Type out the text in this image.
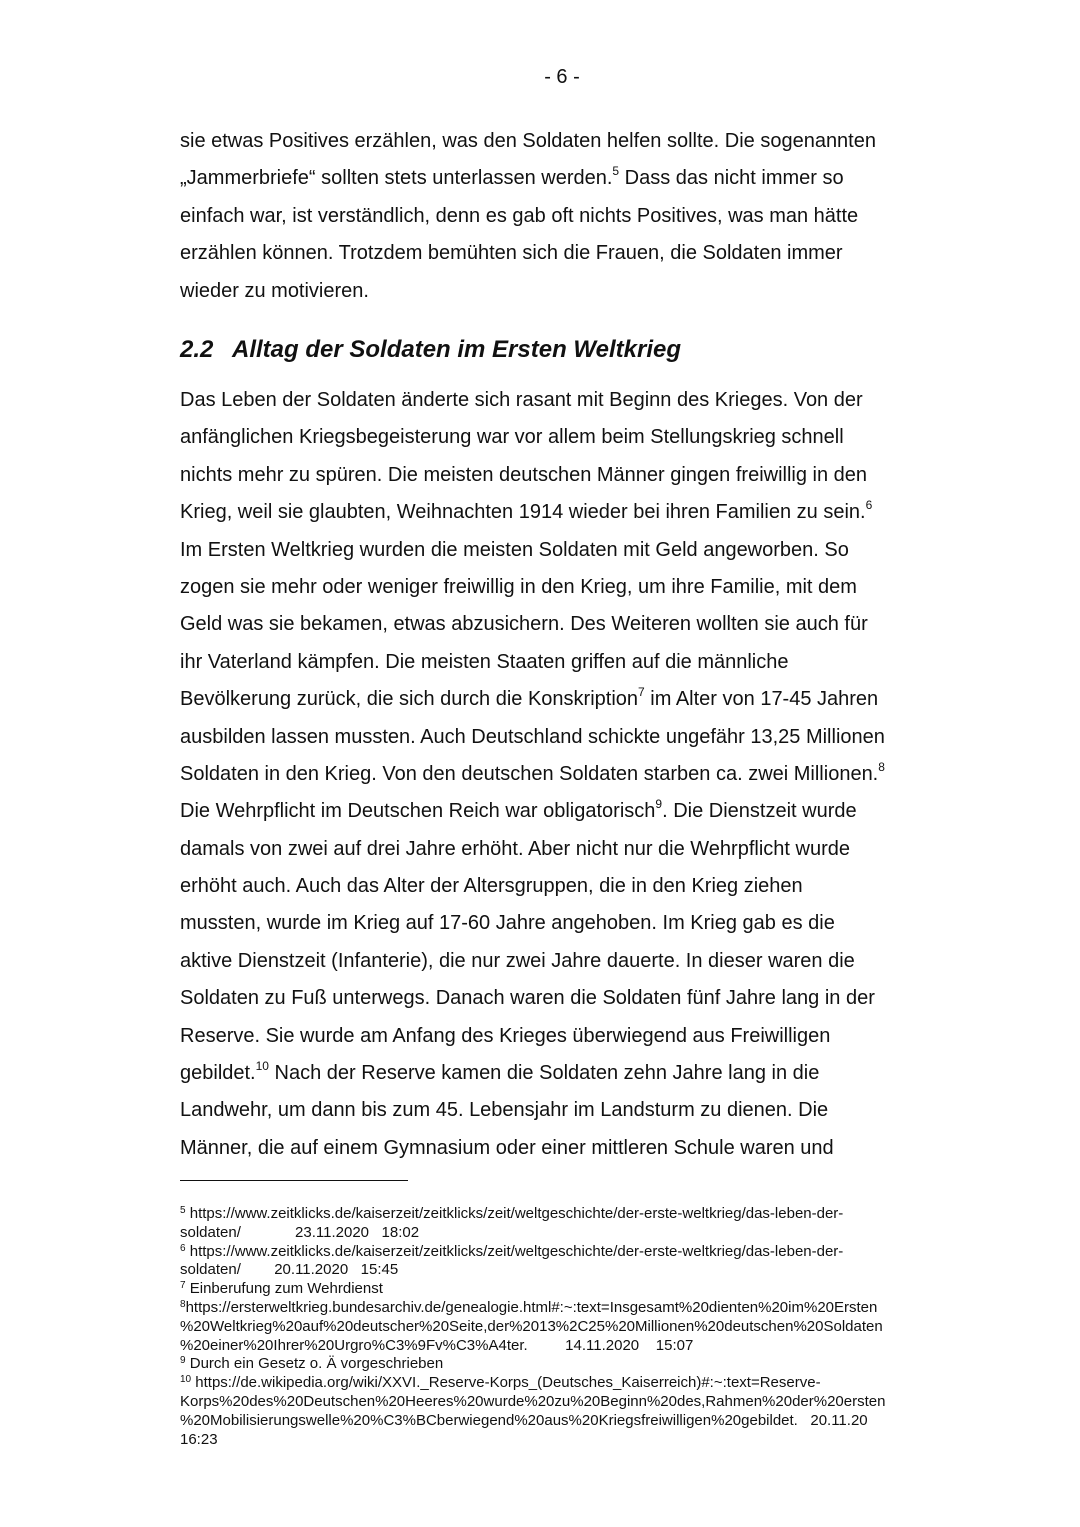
- 6 -
sie etwas Positives erzählen, was den Soldaten helfen sollte. Die sogenannten
„Jammerbriefe“ sollten stets unterlassen werden.$^5$ Dass das nicht immer so
einfach war, ist verständlich, denn es gab oft nichts Positives, was man hätte
erzählen können. Trotzdem bemühten sich die Frauen, die Soldaten immer
wieder zu motivieren.
2.2 Alltag der Soldaten im Ersten Weltkrieg
Das Leben der Soldaten änderte sich rasant mit Beginn des Krieges. Von der
anfänglichen Kriegsbegeisterung war vor allem beim Stellungskrieg schnell
nichts mehr zu spüren. Die meisten deutschen Männer gingen freiwillig in den
Krieg, weil sie glaubten, Weihnachten 1914 wieder bei ihren Familien zu sein.$^6$
Im Ersten Weltkrieg wurden die meisten Soldaten mit Geld angeworben. So
zogen sie mehr oder weniger freiwillig in den Krieg, um ihre Familie, mit dem
Geld was sie bekamen, etwas abzusichern. Des Weiteren wollten sie auch für
ihr Vaterland kämpfen. Die meisten Staaten griffen auf die männliche
Bevölkerung zurück, die sich durch die Konskription$^7$ im Alter von 17-45 Jahren
ausbilden lassen mussten. Auch Deutschland schickte ungefähr 13,25 Millionen
Soldaten in den Krieg. Von den deutschen Soldaten starben ca. zwei Millionen.$^8$
Die Wehrpflicht im Deutschen Reich war obligatorisch$^9$. Die Dienstzeit wurde
damals von zwei auf drei Jahre erhöht. Aber nicht nur die Wehrpflicht wurde
erhöht auch. Auch das Alter der Altersgruppen, die in den Krieg ziehen
mussten, wurde im Krieg auf 17-60 Jahre angehoben. Im Krieg gab es die
aktive Dienstzeit (Infanterie), die nur zwei Jahre dauerte. In dieser waren die
Soldaten zu Fuß unterwegs. Danach waren die Soldaten fünf Jahre lang in der
Reserve. Sie wurde am Anfang des Krieges überwiegend aus Freiwilligen
gebildet.$^{10}$ Nach der Reserve kamen die Soldaten zehn Jahre lang in die
Landwehr, um dann bis zum 45. Lebensjahr im Landsturm zu dienen. Die
Männer, die auf einem Gymnasium oder einer mittleren Schule waren und
$^5$ https://www.zeitklicks.de/kaiserzeit/zeitklicks/zeit/weltgeschichte/der-erste-weltkrieg/das-leben-der-
soldaten/             23.11.2020   18:02
$^6$ https://www.zeitklicks.de/kaiserzeit/zeitklicks/zeit/weltgeschichte/der-erste-weltkrieg/das-leben-der-
soldaten/        20.11.2020   15:45
$^7$ Einberufung zum Wehrdienst
$^8$https://ersterweltkrieg.bundesarchiv.de/genealogie.html#:~:text=Insgesamt%20dienten%20im%20Ersten
%20Weltkrieg%20auf%20deutscher%20Seite,der%2013%2C25%20Millionen%20deutschen%20Soldaten
%20einer%20Ihrer%20Urgro%C3%9Fv%C3%A4ter.         14.11.2020    15:07
$^9$ Durch ein Gesetz o. Ä vorgeschrieben
$^{10}$ https://de.wikipedia.org/wiki/XXVI._Reserve-Korps_(Deutsches_Kaiserreich)#:~:text=Reserve-
Korps%20des%20Deutschen%20Heeres%20wurde%20zu%20Beginn%20des,Rahmen%20der%20ersten
%20Mobilisierungswelle%20%C3%BCberwiegend%20aus%20Kriegsfreiwilligen%20gebildet.   20.11.20
16:23
